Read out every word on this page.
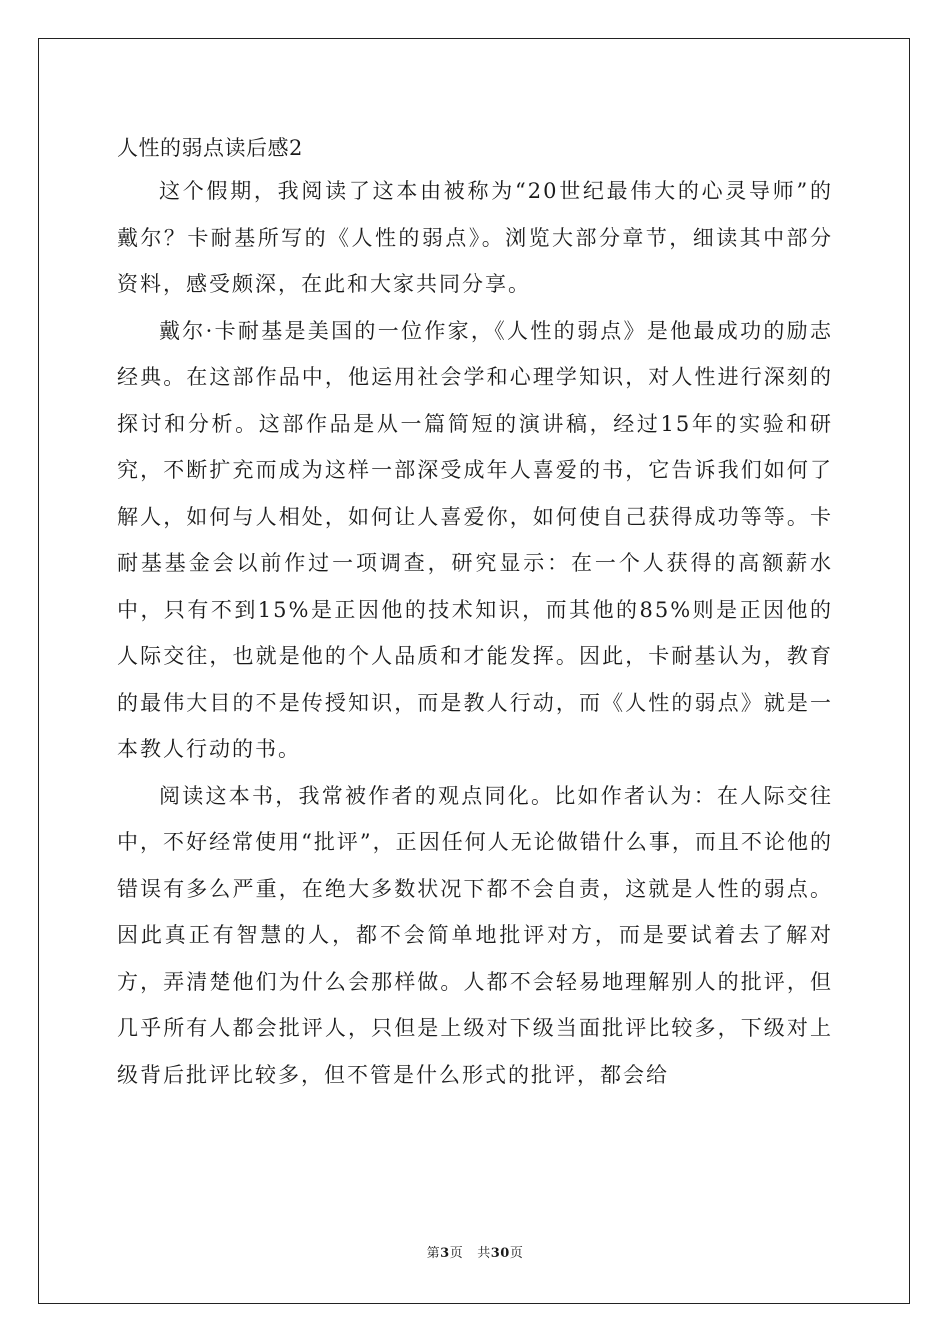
人性的弱点读后感2

这个假期，我阅读了这本由被称为“20世纪最伟大的心灵导师”的戴尔？卡耐基所写的《人性的弱点》。浏览大部分章节，细读其中部分资料，感受颇深，在此和大家共同分享。

戴尔·卡耐基是美国的一位作家，《人性的弱点》是他最成功的励志经典。在这部作品中，他运用社会学和心理学知识，对人性进行深刻的探讨和分析。这部作品是从一篇简短的演讲稿，经过15年的实验和研究，不断扩充而成为这样一部深受成年人喜爱的书，它告诉我们如何了解人，如何与人相处，如何让人喜爱你，如何使自己获得成功等等。卡耐基基金会以前作过一项调查，研究显示：在一个人获得的高额薪水中，只有不到15%是正因他的技术知识，而其他的85%则是正因他的人际交往，也就是他的个人品质和才能发挥。因此，卡耐基认为，教育的最伟大目的不是传授知识，而是教人行动，而《人性的弱点》就是一本教人行动的书。

阅读这本书，我常被作者的观点同化。比如作者认为：在人际交往中，不好经常使用“批评”，正因任何人无论做错什么事，而且不论他的错误有多么严重，在绝大多数状况下都不会自责，这就是人性的弱点。因此真正有智慧的人，都不会简单地批评对方，而是要试着去了解对方，弄清楚他们为什么会那样做。人都不会轻易地理解别人的批评，但几乎所有人都会批评人，只但是上级对下级当面批评比较多，下级对上级背后批评比较多，但不管是什么形式的批评，都会给

第3页 共30页
